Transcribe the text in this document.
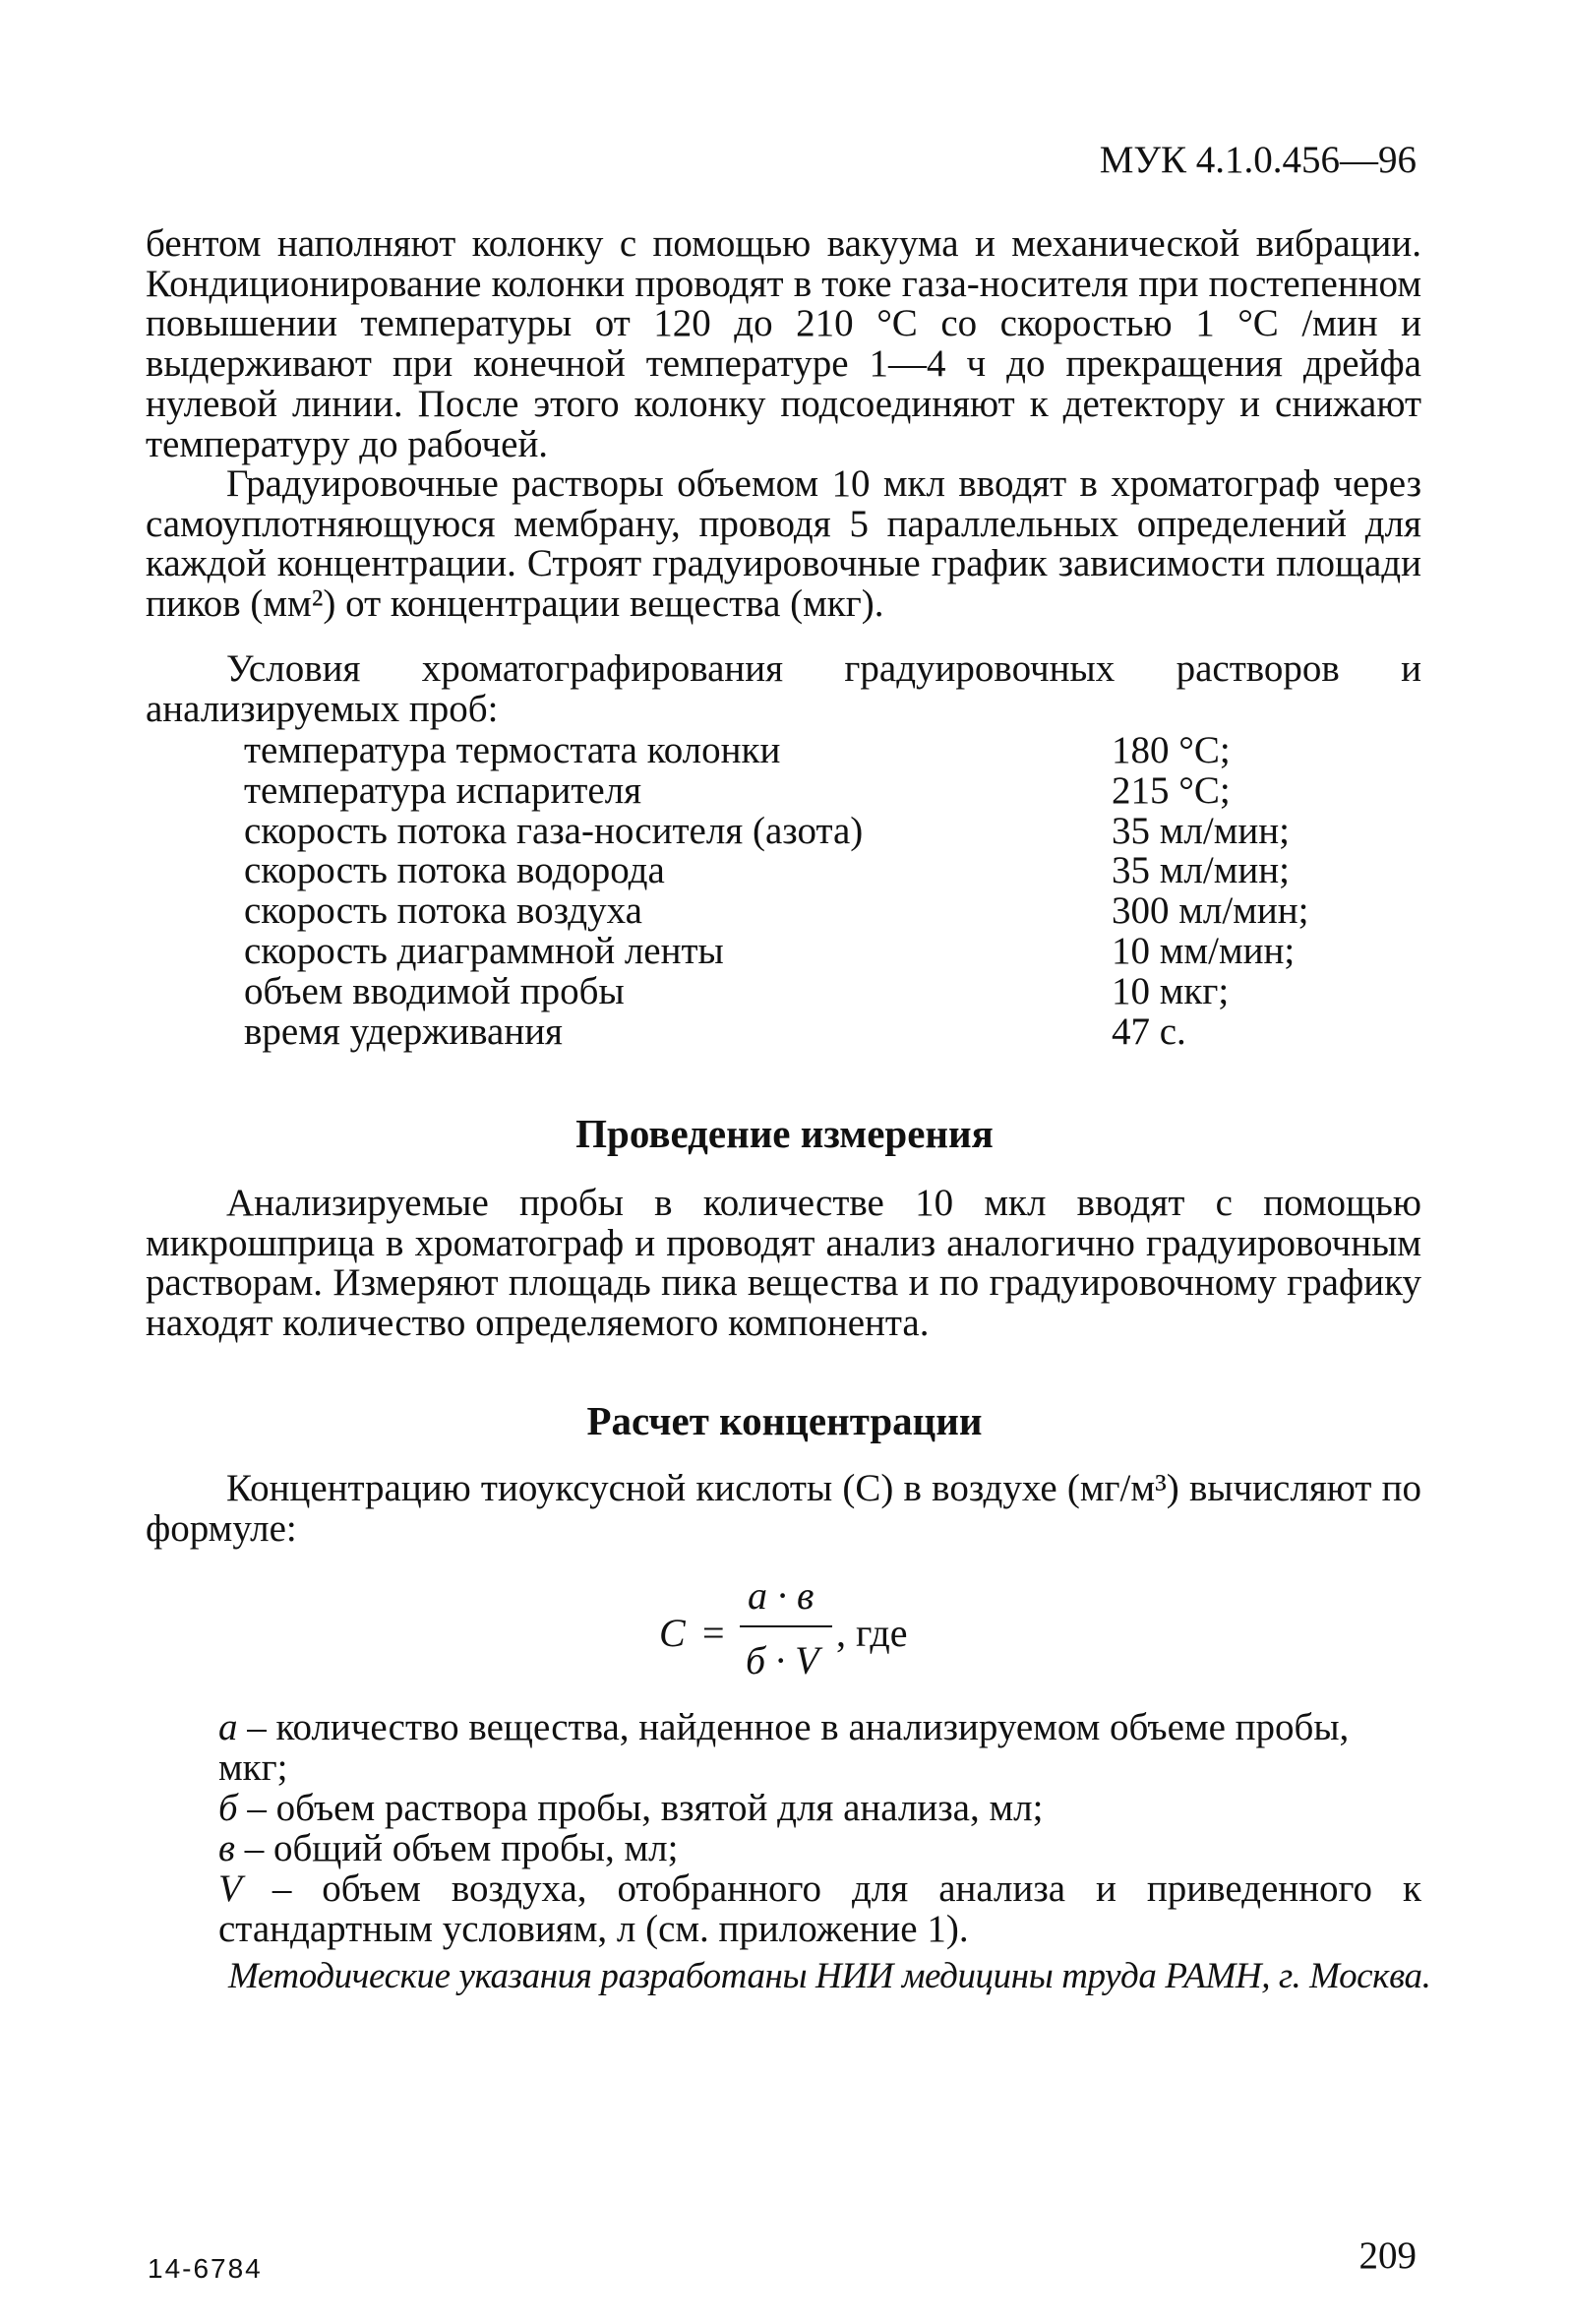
МУК 4.1.0.456—96

бентом наполняют колонку с помощью вакуума и механической вибрации. Кондиционирование колонки проводят в токе газа-носителя при постепенном повышении температуры от 120 до 210 °С со скоростью 1 °С /мин и выдерживают при конечной температуре 1—4 ч до прекращения дрейфа нулевой линии. После этого колонку подсоединяют к детектору и снижают температуру до рабочей.

Градуировочные растворы объемом 10 мкл вводят в хроматограф через самоуплотняющуюся мембрану, проводя 5 параллельных определений для каждой концентрации. Строят градуировочные график зависимости площади пиков (мм²) от концентрации вещества (мкг).

Условия хроматографирования градуировочных растворов и анализируемых проб:

температура термостата колонки	180 °С;
температура испарителя	215 °С;
скорость потока газа-носителя (азота)	35 мл/мин;
скорость потока водорода	35 мл/мин;
скорость потока воздуха	300 мл/мин;
скорость диаграммной ленты	10 мм/мин;
объем вводимой пробы	10 мкг;
время удерживания	47 с.
Проведение измерения

Анализируемые пробы в количестве 10 мкл вводят с помощью микрошприца в хроматограф и проводят анализ аналогично градуировочным растворам. Измеряют площадь пика вещества и по градуировочному графику находят количество определяемого компонента.

Расчет концентрации

Концентрацию тиоуксусной кислоты (С) в воздухе (мг/м³) вычисляют по формуле:

C =
а · в
б · V
, где
а – количество вещества, найденное в анализируемом объеме пробы, мкг;
б – объем раствора пробы, взятой для анализа, мл;
в – общий объем пробы, мл;
V – объем воздуха, отобранного для анализа и приведенного к стандартным условиям, л (см. приложение 1).
Методические указания разработаны НИИ медицины труда РАМН, г. Москва.
14-6784	209
